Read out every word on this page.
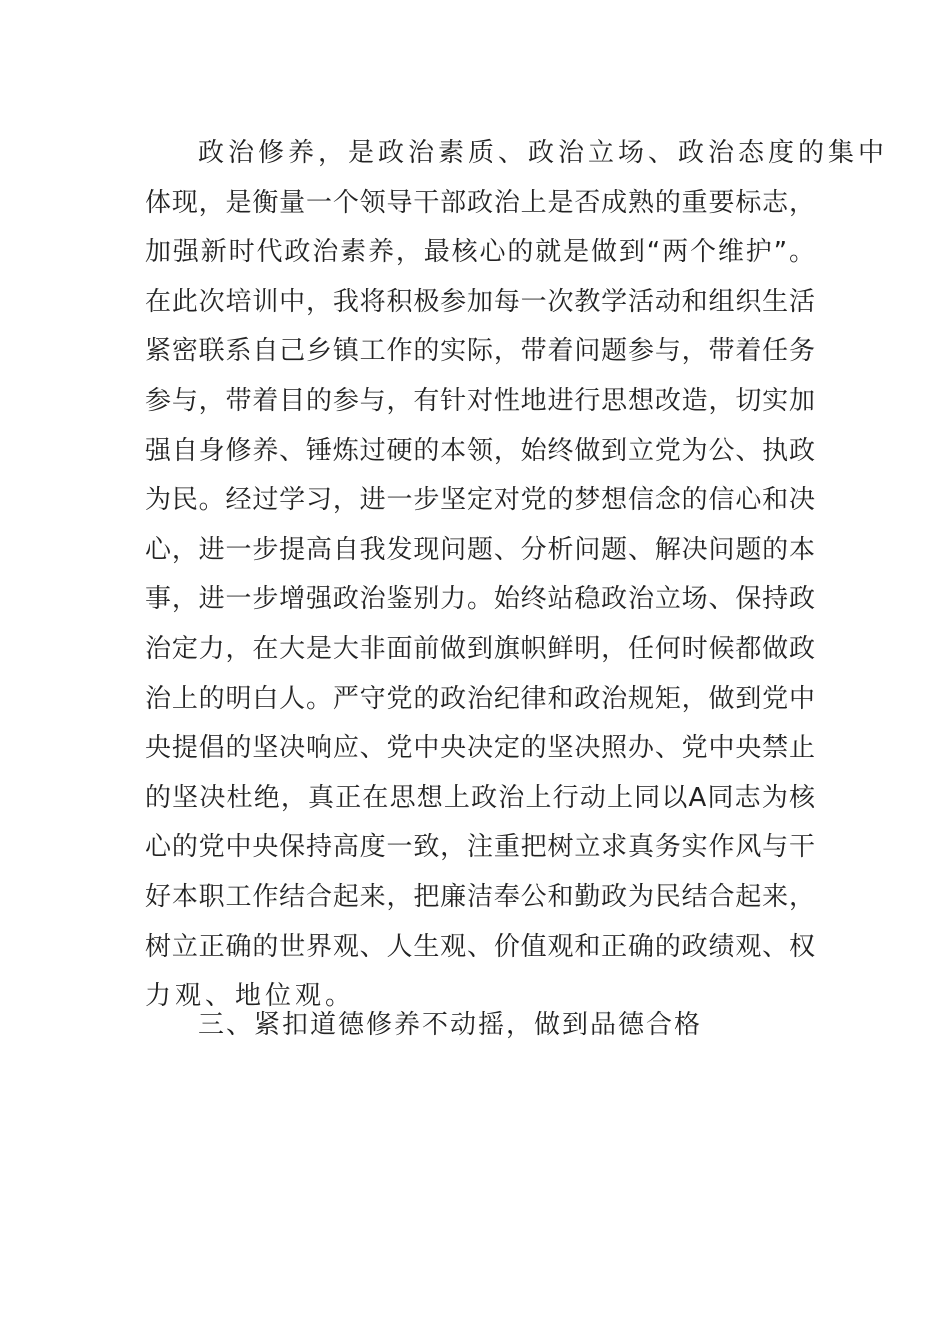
政治修养，是政治素质、政治立场、政治态度的集中
体现，是衡量一个领导干部政治上是否成熟的重要标志，
加强新时代政治素养，最核心的就是做到“两个维护”。
在此次培训中，我将积极参加每一次教学活动和组织生活
紧密联系自己乡镇工作的实际，带着问题参与，带着任务
参与，带着目的参与，有针对性地进行思想改造，切实加
强自身修养、锤炼过硬的本领，始终做到立党为公、执政
为民。经过学习，进一步坚定对党的梦想信念的信心和决
心，进一步提高自我发现问题、分析问题、解决问题的本
事，进一步增强政治鉴别力。始终站稳政治立场、保持政
治定力，在大是大非面前做到旗帜鲜明，任何时候都做政
治上的明白人。严守党的政治纪律和政治规矩，做到党中
央提倡的坚决响应、党中央决定的坚决照办、党中央禁止
的坚决杜绝，真正在思想上政治上行动上同以A同志为核
心的党中央保持高度一致，注重把树立求真务实作风与干
好本职工作结合起来，把廉洁奉公和勤政为民结合起来，
树立正确的世界观、人生观、价值观和正确的政绩观、权
力观、地位观。
三、紧扣道德修养不动摇，做到品德合格
